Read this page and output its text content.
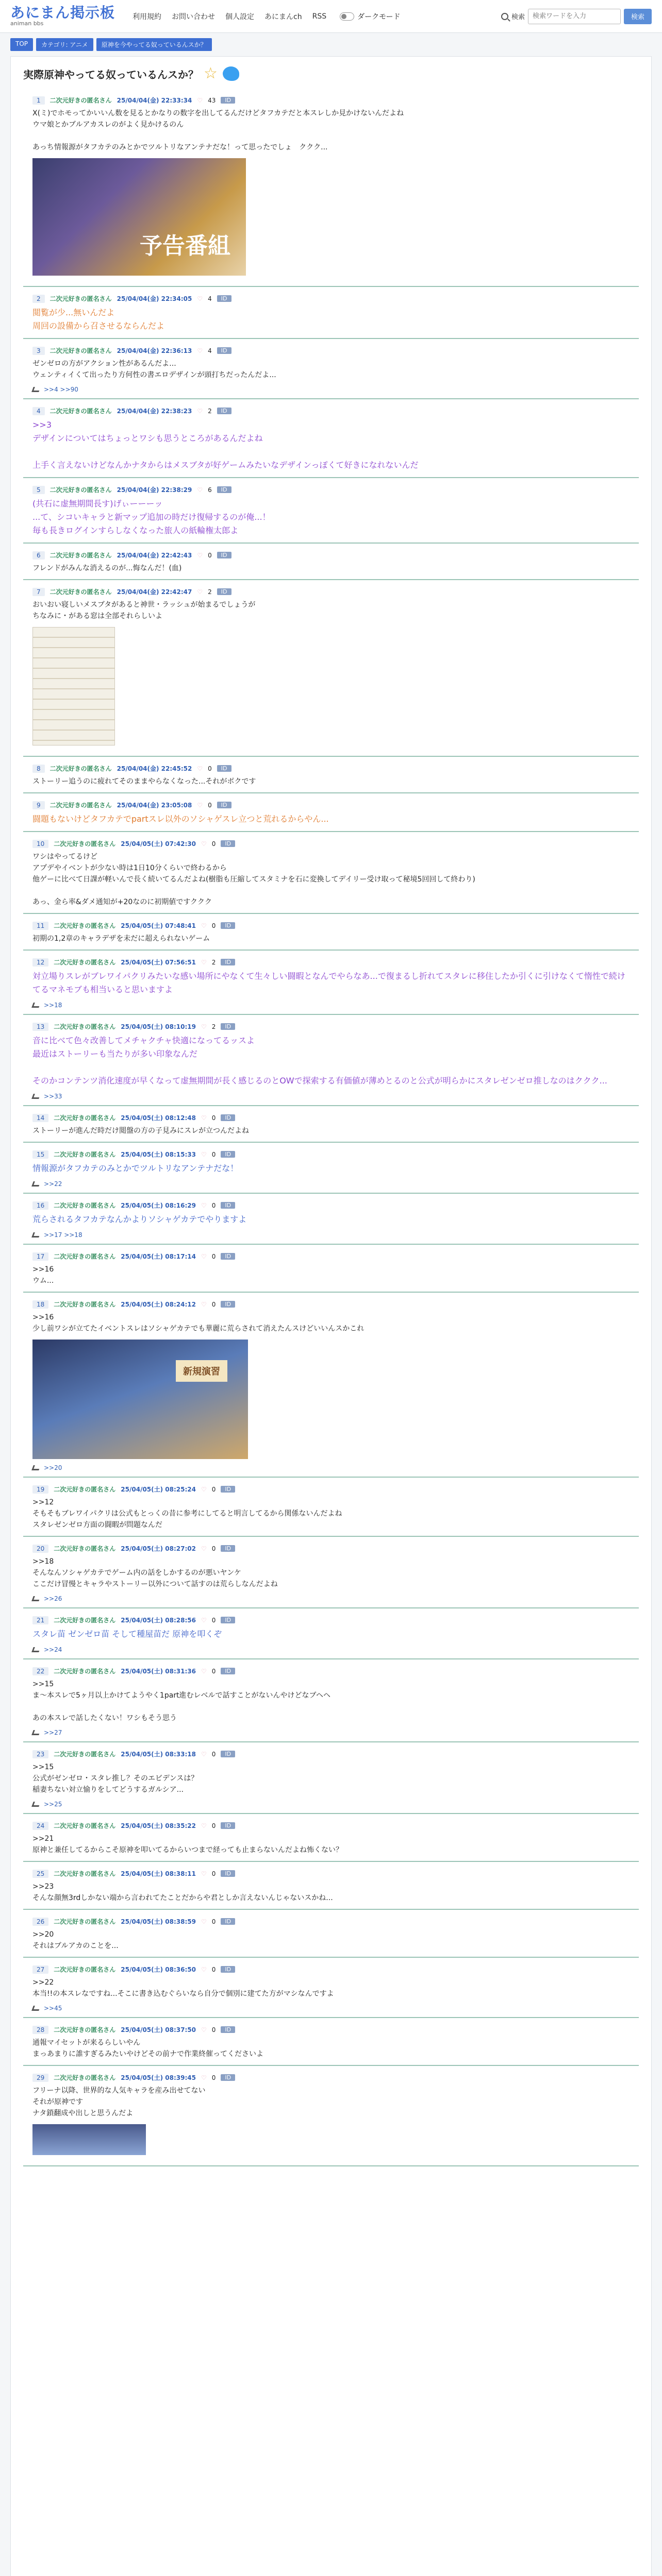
あにまん掲示板
animan bbs
利用規約 お問い合わせ 個人設定 あにまんch RSS	ダークモード	検索
検索ワードを入力	検索
TOP	カテゴリ: アニメ	原神を今やってる奴っているんスか？
実際原神やってる奴っているんスか？ ☆
1	二次元好きの匿名さん 25/04/04(金) 22:33:34 ♡ 43	ID
X(ミ)でホモってかいいん数を見るとかなりの数字を出してるんだけどタフカテだと本スレしか見かけないんだよね
ウマ娘とかブルアカスレのがよく見かけるのん

あっち情報源がタフカテのみとかでツルトリなアンテナだな！って思ったでしょ　ククク...
予告番組
2	二次元好きの匿名さん 25/04/04(金) 22:34:05 ♡ 4	ID
閲覧が少...無いんだよ
周回の設備から召させるならんだよ
3	二次元好きの匿名さん 25/04/04(金) 22:36:13 ♡ 4	ID
ゼンゼロの方がアクション性があるんだよ...
ウェンティイくて出ったり方何性の書エロデザインが頭打ちだったんだよ...
>>4 >>90
4	二次元好きの匿名さん 25/04/04(金) 22:38:23 ♡ 2	ID
>>3
デザインについてはちょっとワシも思うところがあるんだよね

上手く言えないけどなんかナタからはメスブタが好ゲームみたいなデザインっぽくて好きになれないんだ
5	二次元好きの匿名さん 25/04/04(金) 22:38:29 ♡ 6	ID
(共石に虚無期間長す)げぃーーーッ
...て、シコいキャラと新マップ追加の時だけ復帰するのが俺...！
毎も長きログインすらしなくなった旅人の紙輪権太郎よ
6	二次元好きの匿名さん 25/04/04(金) 22:42:43 ♡ 0	ID
フレンドがみんな消えるのが...悔なんだ！(血)
7	二次元好きの匿名さん 25/04/04(金) 22:42:47 ♡ 2	ID
おいおい寝しいメスブタがあると神世・ラッシュが始まるでしょうが
ちなみに・がある窓は全部それらしいよ
8	二次元好きの匿名さん 25/04/04(金) 22:45:52 ♡ 0	ID
ストーリー追うのに疲れてそのままやらなくなった...それがボクです
9	二次元好きの匿名さん 25/04/04(金) 23:05:08 ♡ 0	ID
闘題もないけどタフカテでpartスレ以外のソシャゲスレ立つと荒れるからやん...
10	二次元好きの匿名さん 25/04/05(土) 07:42:30 ♡ 0	ID
ワシはやってるけど
アプデやイベントが少ない時は1日10分くらいで終わるから
他ゲーに比べて日課が軽いんで長く続いてるんだよね(樹脂も圧縮してスタミナを石に変換してデイリー受け取って秘境5回回して終わり)

あっ、金ら率&ダメ通知が+20なのに初期値ですククク
11	二次元好きの匿名さん 25/04/05(土) 07:48:41 ♡ 0	ID
初期の1,2章のキャラデザを未だに超えられないゲーム
12	二次元好きの匿名さん 25/04/05(土) 07:56:51 ♡ 2	ID
対立場りスレがブレワイパクリみたいな感い場所にやなくて生々しい闘暇となんでやらなあ...で復まるし折れてスタレに移住したか引くに引けなくて惰性で続けてるマネモブも相当いると思いますよ
>>18
13	二次元好きの匿名さん 25/04/05(土) 08:10:19 ♡ 2	ID
音に比べて色々改善してメチャクチャ快適になってるッスよ
最近はストーリーも当たりが多い印象なんだ

そのかコンテンツ消化速度が早くなって虚無期間が長く感じるのとOWで探索する有価値が薄めとるのと公式が明らかにスタレゼンゼロ推しなのはククク...
>>33
14	二次元好きの匿名さん 25/04/05(土) 08:12:48 ♡ 0	ID
ストーリーが進んだ時だけ閲盤の方の子見みにスレが立つんだよね
15	二次元好きの匿名さん 25/04/05(土) 08:15:33 ♡ 0	ID
情報源がタフカテのみとかでツルトリなアンテナだな！
>>22
16	二次元好きの匿名さん 25/04/05(土) 08:16:29 ♡ 0	ID
荒らされるタフカテなんかよりソシャゲカテでやりますよ
>>17 >>18
17	二次元好きの匿名さん 25/04/05(土) 08:17:14 ♡ 0	ID
>>16
ウム...
18	二次元好きの匿名さん 25/04/05(土) 08:24:12 ♡ 0	ID
>>16
少し前ワシが立てたイベントスレはソシャゲカテでも華麗に荒らされて消えたんスけどいいんスかこれ
新規演習
>>20
19	二次元好きの匿名さん 25/04/05(土) 08:25:24 ♡ 0	ID
>>12
そもそもブレワイパクリは公式もとっくの昔に参考にしてると明言してるから関係ないんだよね
スタレゼンゼロ方面の闘暇が問題なんだ
20	二次元好きの匿名さん 25/04/05(土) 08:27:02 ♡ 0	ID
>>18
そんなんソシャゲカテでゲーム内の話をしかするのが悪いヤンケ
ここだけ冒慢とキャラやストーリー以外について話すのは荒らしなんだよね
>>26
21	二次元好きの匿名さん 25/04/05(土) 08:28:56 ♡ 0	ID
スタレ苗 ゼンゼロ苗 そして種屋苗だ 原神を叩くぞ
>>24
22	二次元好きの匿名さん 25/04/05(土) 08:31:36 ♡ 0	ID
>>15
ま～本スレで5ヶ月以上かけてようやく1part進むレベルで話すことがないんやけどなブヘヘ

あの本スレで話したくない！ワシもそう思う
>>27
23	二次元好きの匿名さん 25/04/05(土) 08:33:18 ♡ 0	ID
>>15
公式がゼンゼロ・スタレ推し？そのエビデンスは？
稲妻ちない対立愉りをしてどうするガルシア...
>>25
24	二次元好きの匿名さん 25/04/05(土) 08:35:22 ♡ 0	ID
>>21
原神と兼任してるからこそ原神を叩いてるからいつまで経っても止まらないんだよね怖くない？
25	二次元好きの匿名さん 25/04/05(土) 08:38:11 ♡ 0	ID
>>23
そんな顔無3rdしかない端から言われてたことだからや君としか言えないんじゃないスかね...
26	二次元好きの匿名さん 25/04/05(土) 08:38:59 ♡ 0	ID
>>20
それはブルアカのことを...
27	二次元好きの匿名さん 25/04/05(土) 08:36:50 ♡ 0	ID
>>22
本当!!の本スレなですね...そこに書き込むぐらいなら自分で個別に建てた方がマシなんですよ
>>45
28	二次元好きの匿名さん 25/04/05(土) 08:37:50 ♡ 0	ID
通報マイセットが来るらしいやん
まっあまりに誰すぎるみたいやけどその前ナで作業終催ってくださいよ
29	二次元好きの匿名さん 25/04/05(土) 08:39:45 ♡ 0	ID
フリーナ以降、世界的な人気キャラを産み出せてない
それが原神です
ナタ鎖翻成や出しと思うんだよ
